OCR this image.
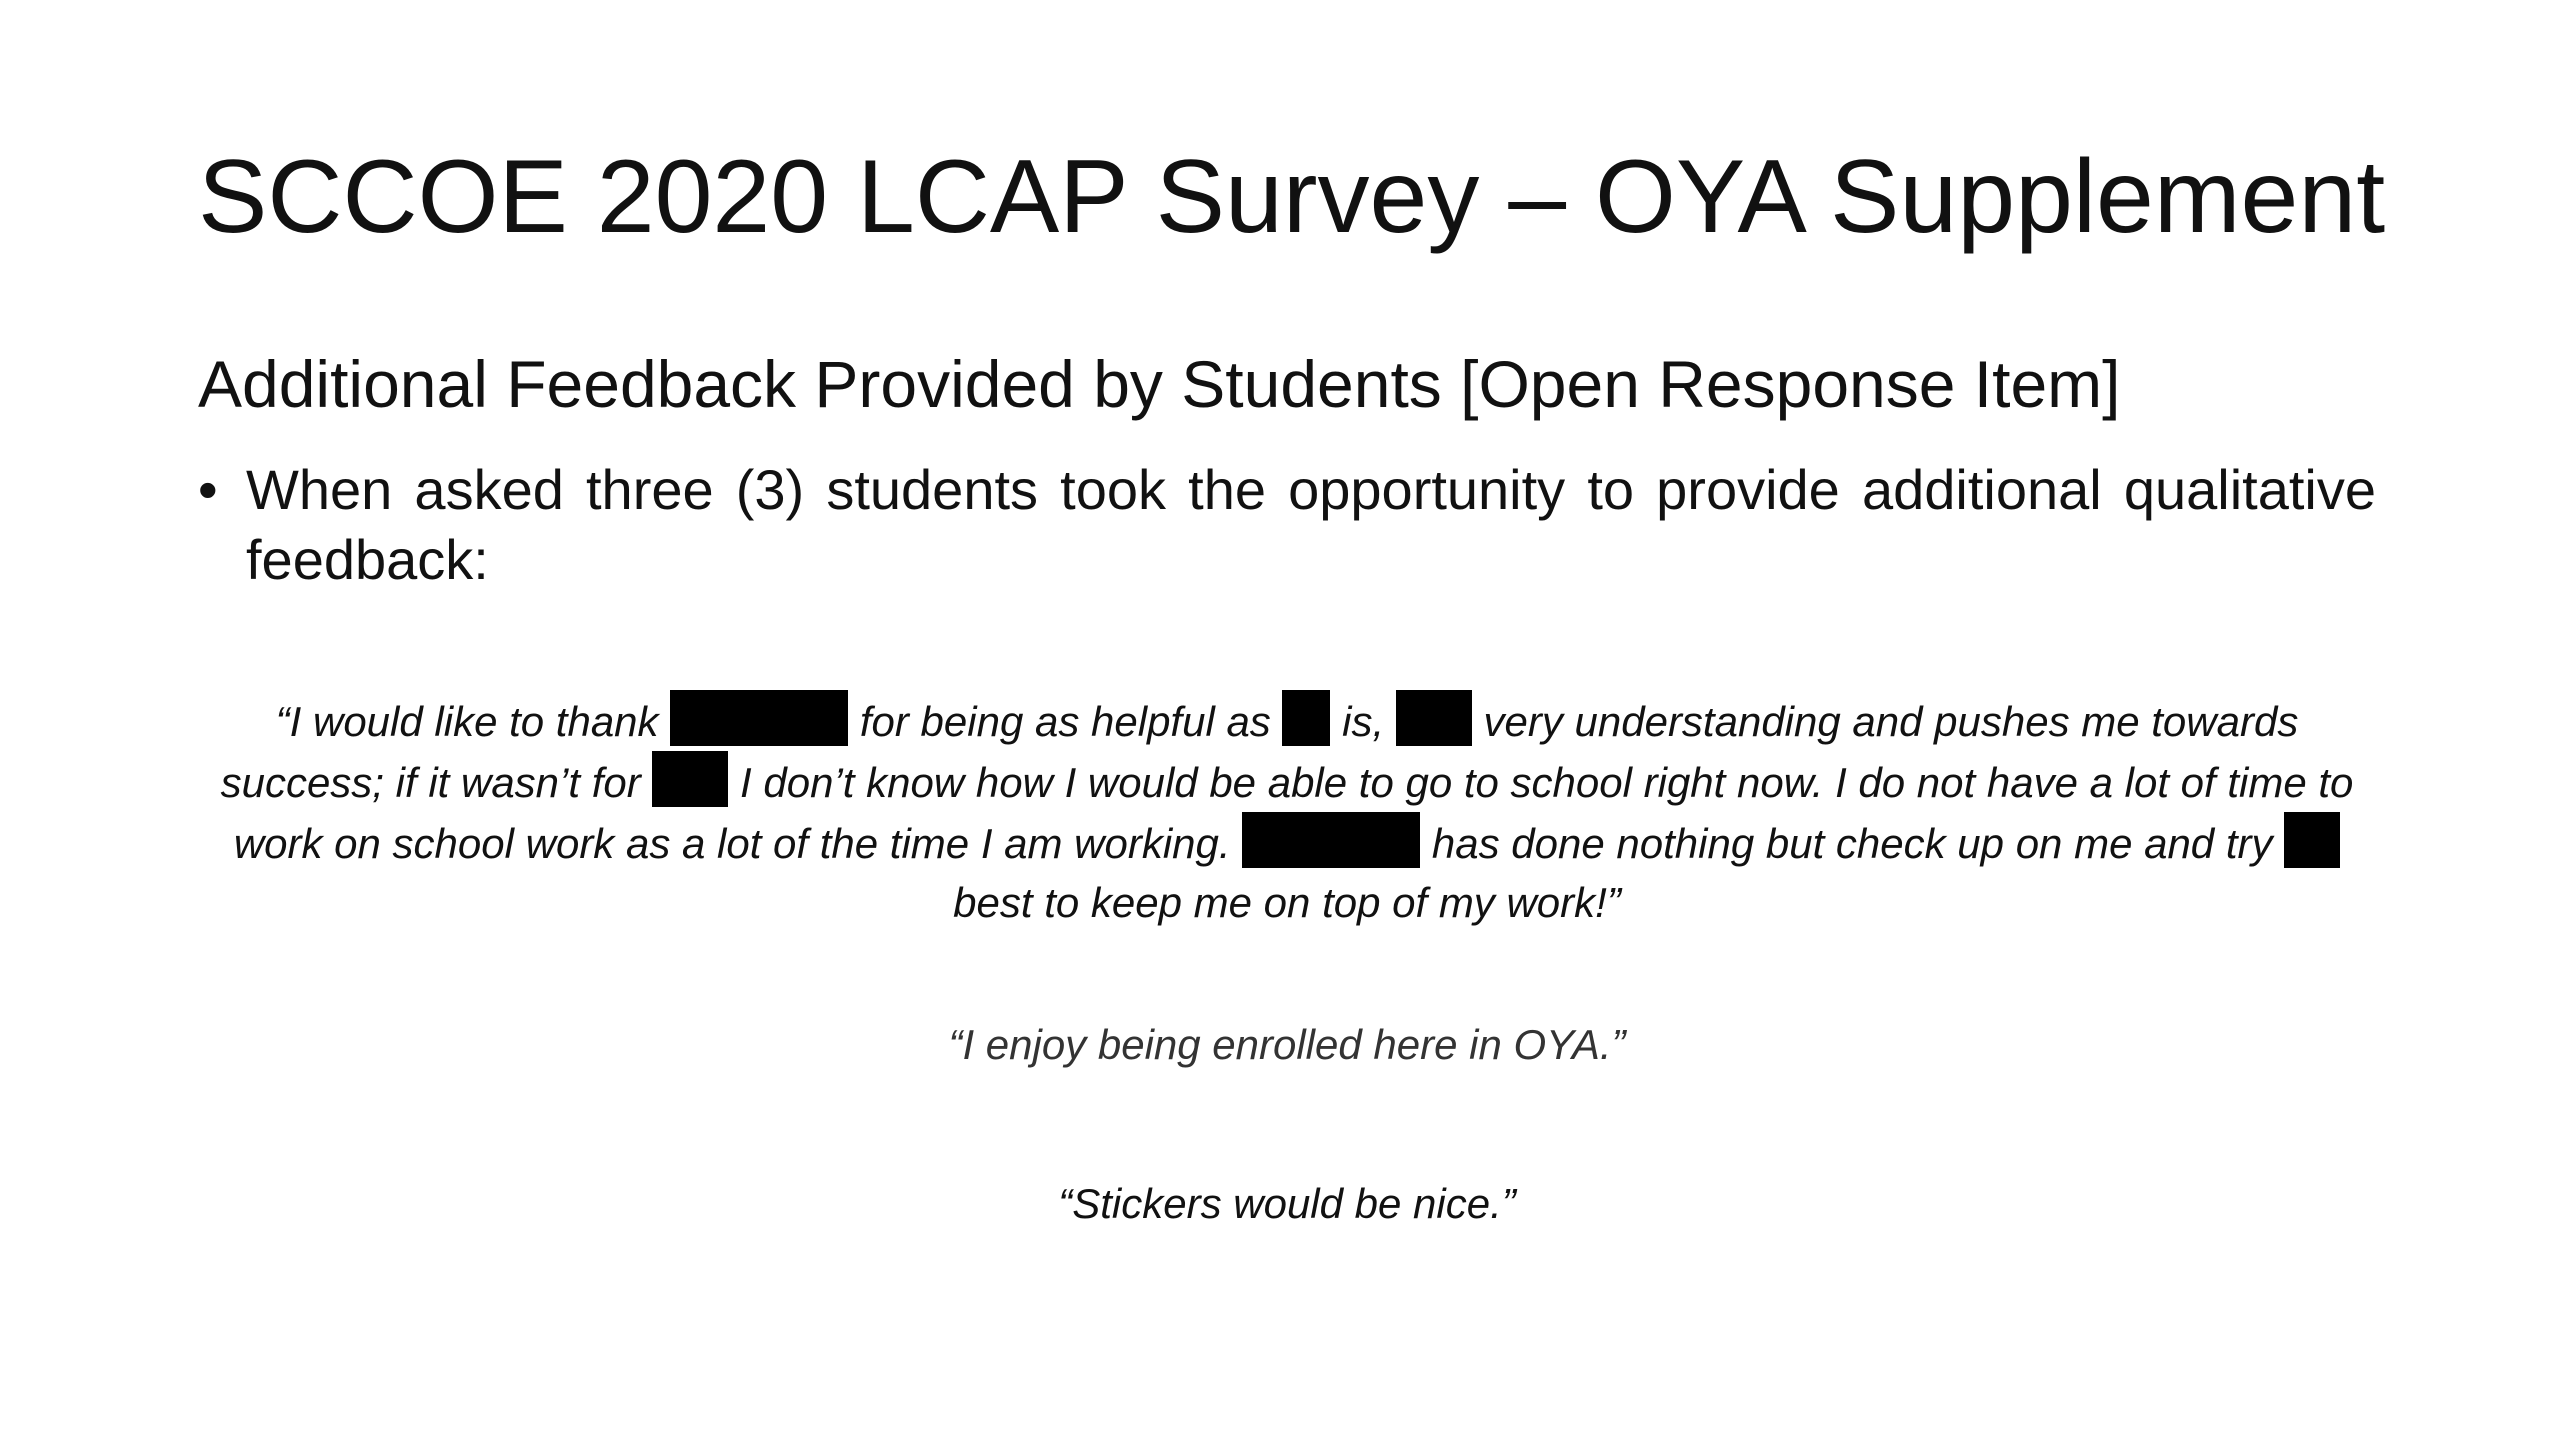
SCCOE 2020 LCAP Survey – OYA Supplement
Additional Feedback Provided by Students [Open Response Item]
• When asked three (3) students took the opportunity to provide additional qualitative feedback:
“I would like to thank	for being as helpful as  is,  very understanding and pushes me towards success; if it wasn’t for  I don’t know how I would be able to go to school right now. I do not have a lot of time to work on school work as a lot of the time I am working.	has done nothing but check up on me and try  best to keep me on top of my work!”
“I enjoy being enrolled here in OYA.”
“Stickers would be nice.”
